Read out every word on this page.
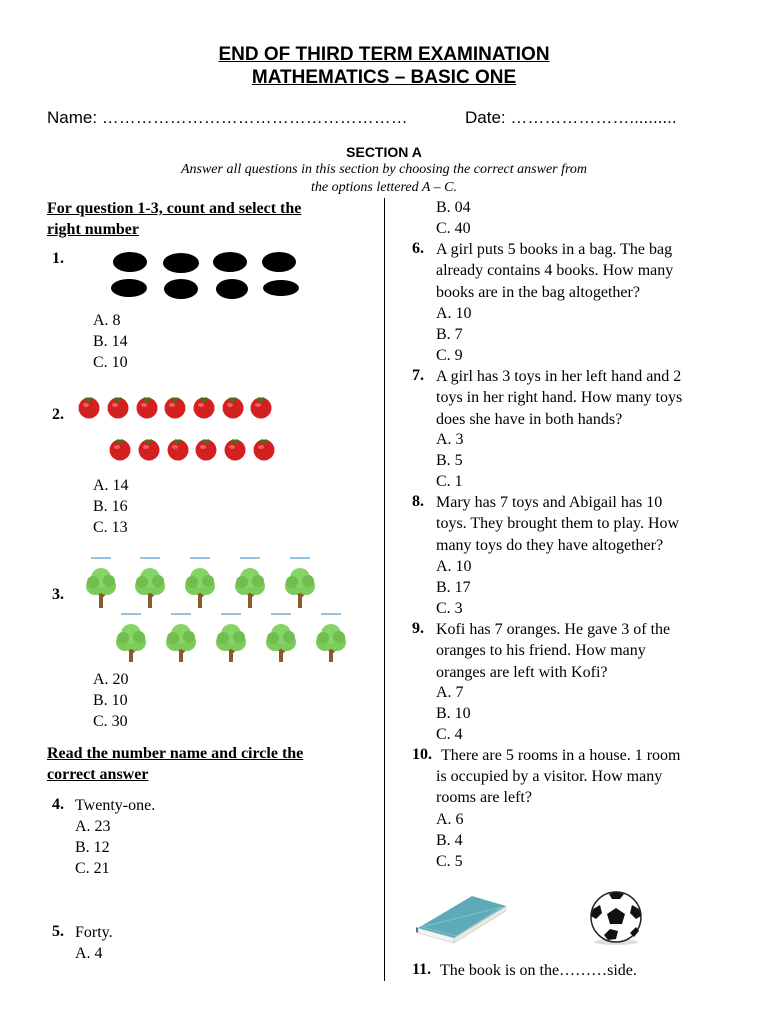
END OF THIRD TERM EXAMINATION
MATHEMATICS – BASIC ONE
Name: ………………………………………………	Date: …………………..........
SECTION A
Answer all questions in this section by choosing the correct answer from
the options lettered A – C.
For question 1-3, count and select the
right number
1.
A. 8
B. 14
C. 10
2.
A. 14
B. 16
C. 13
3.
A. 20
B. 10
C. 30
Read the number name and circle the
correct answer
4. Twenty-one.
A. 23
B. 12
C. 21
5. Forty.
A. 4
B. 04
C. 40
6. A girl puts 5 books in a bag. The bag
already contains 4 books. How many
books are in the bag altogether?
A. 10
B. 7
C. 9
7. A girl has 3 toys in her left hand and 2
toys in her right hand. How many toys
does she have in both hands?
A. 3
B. 5
C. 1
8. Mary has 7 toys and Abigail has 10
toys. They brought them to play. How
many toys do they have altogether?
A. 10
B. 17
C. 3
9. Kofi has 7 oranges. He gave 3 of the
oranges to his friend. How many
oranges are left with Kofi?
A. 7
B. 10
C. 4
10. There are 5 rooms in a house. 1 room
is occupied by a visitor. How many
rooms are left?
A. 6
B. 4
C. 5
11. The book is on the………side.
